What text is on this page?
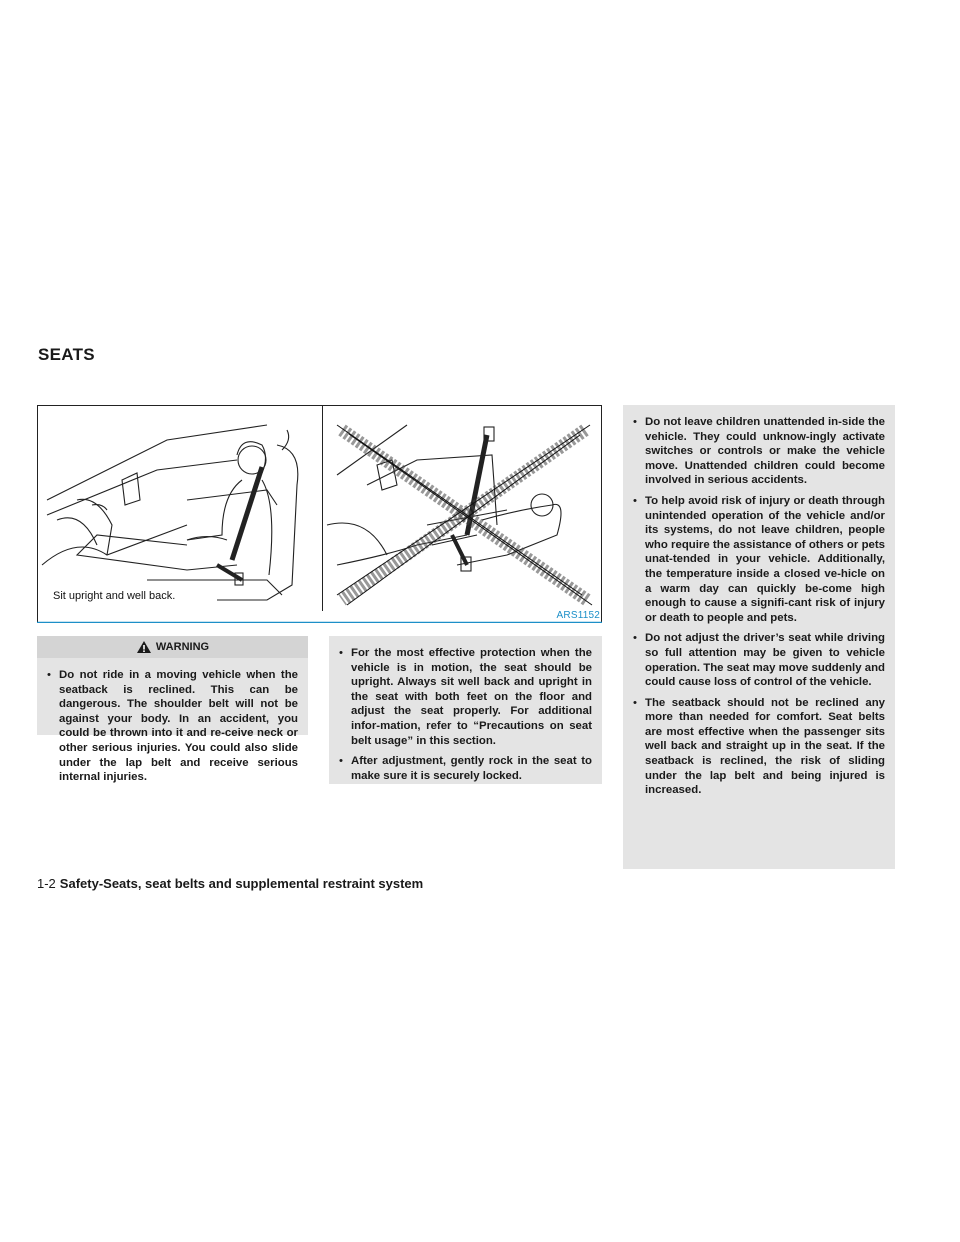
SEATS
Sit upright and well back.
ARS1152
WARNING
• Do not ride in a moving vehicle when the seatback is reclined. This can be dangerous. The shoulder belt will not be against your body. In an accident, you could be thrown into it and re-ceive neck or other serious injuries. You could also slide under the lap belt and receive serious internal injuries.
• For the most effective protection when the vehicle is in motion, the seat should be upright. Always sit well back and upright in the seat with both feet on the floor and adjust the seat properly. For additional infor-mation, refer to “Precautions on seat belt usage” in this section.
• After adjustment, gently rock in the seat to make sure it is securely locked.
• Do not leave children unattended in-side the vehicle. They could unknow-ingly activate switches or controls or make the vehicle move. Unattended children could become involved in serious accidents.
• To help avoid risk of injury or death through unintended operation of the vehicle and/or its systems, do not leave children, people who require the assistance of others or pets unat-tended in your vehicle. Additionally, the temperature inside a closed ve-hicle on a warm day can quickly be-come high enough to cause a signifi-cant risk of injury or death to people and pets.
• Do not adjust the driver’s seat while driving so full attention may be given to vehicle operation. The seat may move suddenly and could cause loss of control of the vehicle.
• The seatback should not be reclined any more than needed for comfort. Seat belts are most effective when the passenger sits well back and straight up in the seat. If the seatback is reclined, the risk of sliding under the lap belt and being injured is increased.
1-2 Safety-Seats, seat belts and supplemental restraint system
